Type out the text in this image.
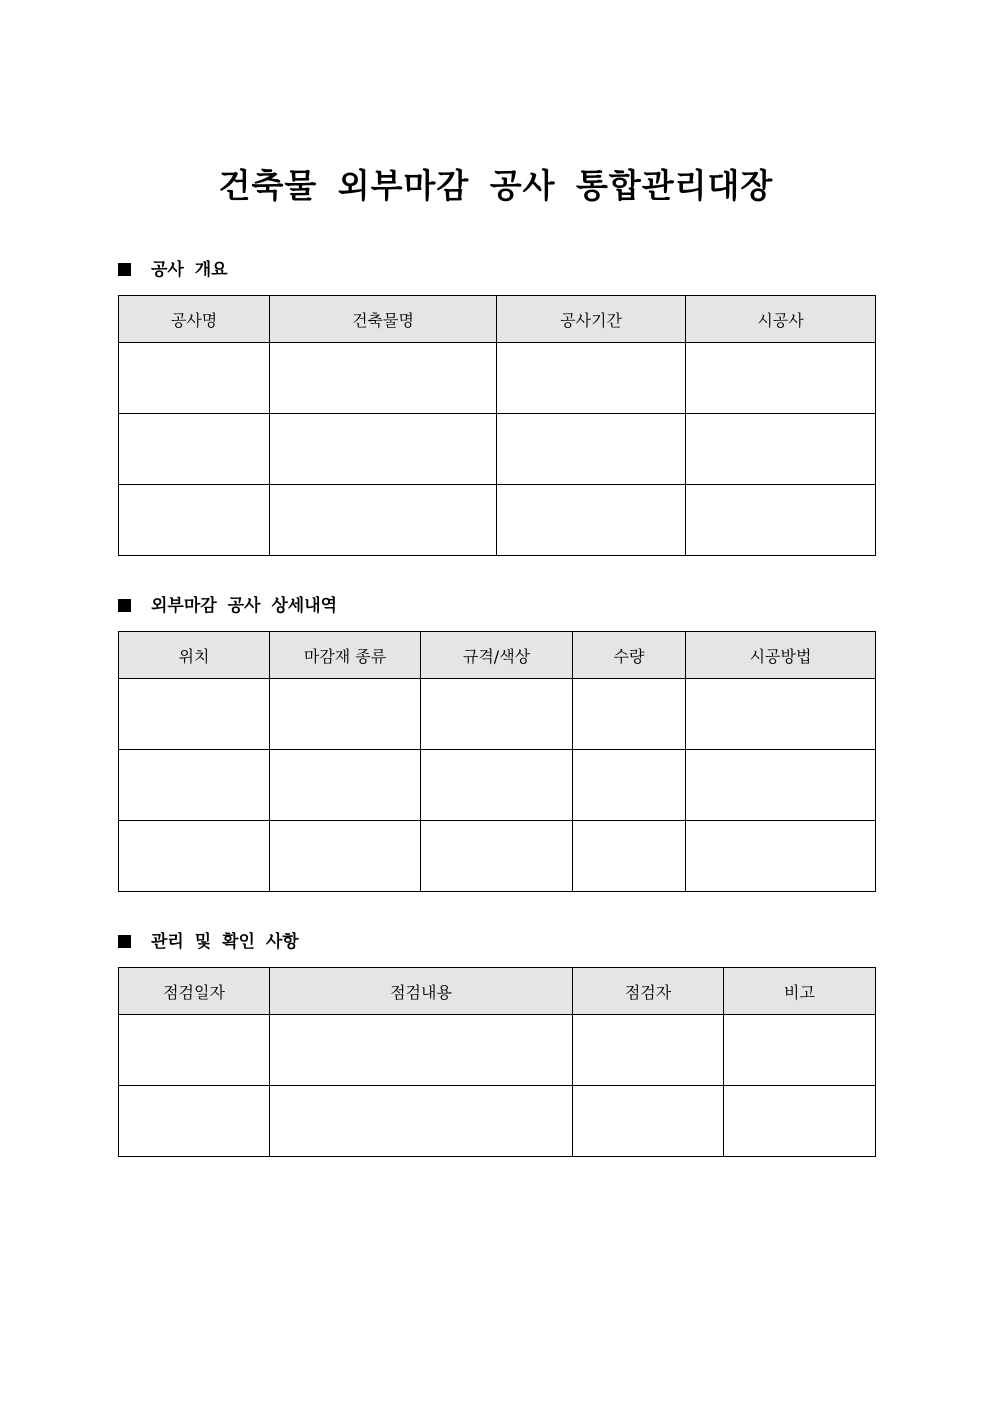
건축물 외부마감 공사 통합관리대장
공사 개요
공사명	건축물명	공사기간	시공사

외부마감 공사 상세내역
위치	마감재 종류	규격/색상	수량	시공방법

관리 및 확인 사항
점검일자	점검내용	점검자	비고
